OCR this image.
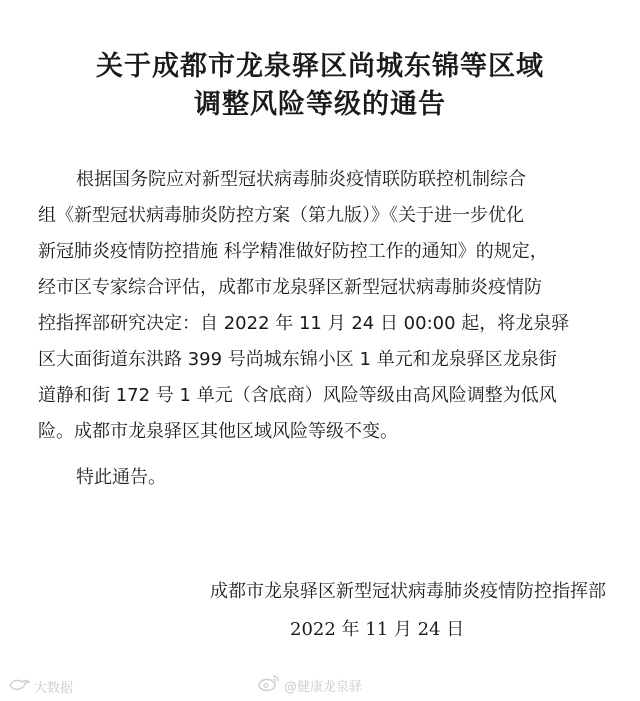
关于成都市龙泉驿区尚城东锦等区域
调整风险等级的通告
根据国务院应对新型冠状病毒肺炎疫情联防联控机制综合
组《新型冠状病毒肺炎防控方案（第九版）》《关于进一步优化
新冠肺炎疫情防控措施 科学精准做好防控工作的通知》的规定，
经市区专家综合评估，成都市龙泉驿区新型冠状病毒肺炎疫情防
控指挥部研究决定：自 2022 年 11 月 24 日 00:00 起，将龙泉驿
区大面街道东洪路 399 号尚城东锦小区 1 单元和龙泉驿区龙泉街
道静和街 172 号 1 单元（含底商）风险等级由高风险调整为低风
险。成都市龙泉驿区其他区域风险等级不变。
特此通告。
成都市龙泉驿区新型冠状病毒肺炎疫情防控指挥部
2022 年 11 月 24 日
大数据	@健康龙泉驿
